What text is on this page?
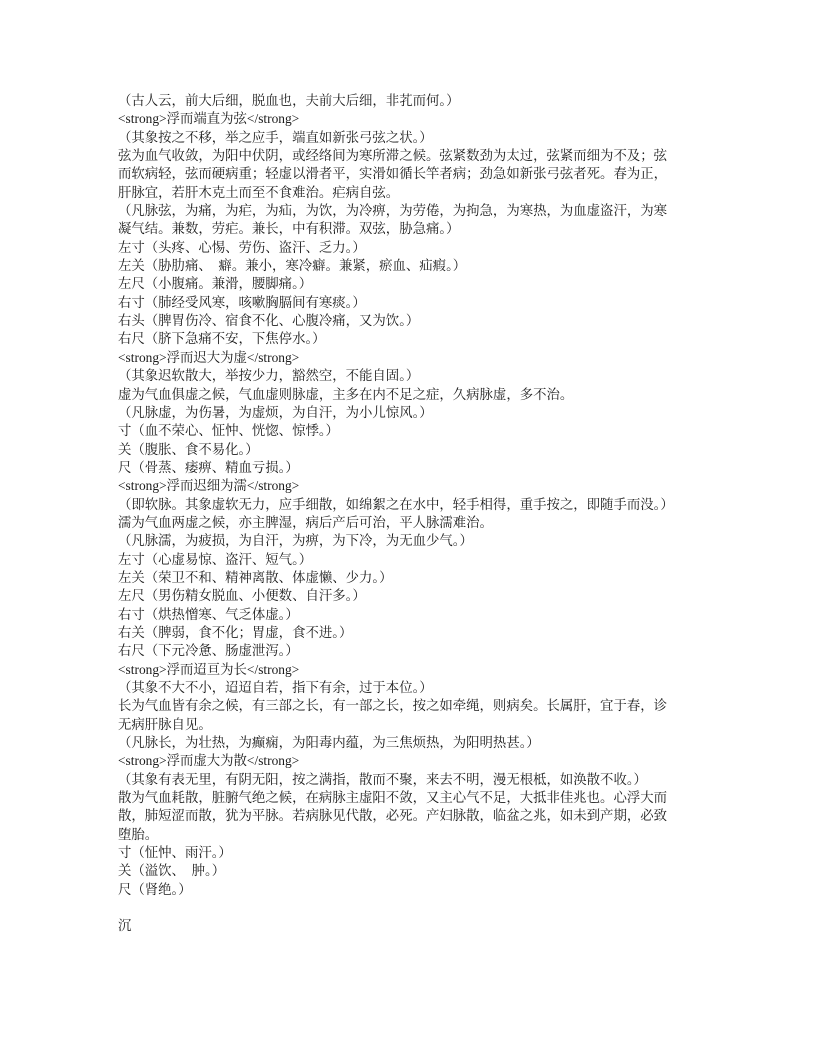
（古人云，前大后细，脱血也，夫前大后细，非芤而何。）
<strong>浮而端直为弦</strong>
（其象按之不移，举之应手，端直如新张弓弦之状。）
弦为血气收敛，为阳中伏阴，或经络间为寒所滞之候。弦紧数劲为太过，弦紧而细为不及；弦
而软病轻，弦而硬病重；轻虚以滑者平，实滑如循长竿者病；劲急如新张弓弦者死。春为正，
肝脉宜，若肝木克土而至不食难治。疟病自弦。
（凡脉弦，为痛，为疟，为疝，为饮，为冷痹，为劳倦，为拘急，为寒热，为血虚盗汗，为寒
凝气结。兼数，劳疟。兼长，中有积滞。双弦，胁急痛。）
左寸（头疼、心惕、劳伤、盗汗、乏力。）
左关（胁肋痛、　癖。兼小，寒冷癖。兼紧，瘀血、疝瘕。）
左尺（小腹痛。兼滑，腰脚痛。）
右寸（肺经受风寒，咳嗽胸膈间有寒痰。）
右头（脾胃伤冷、宿食不化、心腹冷痛，又为饮。）
右尺（脐下急痛不安，下焦停水。）
<strong>浮而迟大为虚</strong>
（其象迟软散大，举按少力，豁然空，不能自固。）
虚为气血俱虚之候，气血虚则脉虚，主多在内不足之症，久病脉虚，多不治。
（凡脉虚，为伤暑，为虚烦，为自汗，为小儿惊风。）
寸（血不荣心、怔忡、恍惚、惊悸。）
关（腹胀、食不易化。）
尺（骨蒸、痿痹、精血亏损。）
<strong>浮而迟细为濡</strong>
（即软脉。其象虚软无力，应手细散，如绵絮之在水中，轻手相得，重手按之，即随手而没。）
濡为气血两虚之候，亦主脾湿，病后产后可治，平人脉濡难治。
（凡脉濡，为疲损，为自汗，为痹，为下冷，为无血少气。）
左寸（心虚易惊、盗汗、短气。）
左关（荣卫不和、精神离散、体虚懒、少力。）
左尺（男伤精女脱血、小便数、自汗多。）
右寸（烘热憎寒、气乏体虚。）
右关（脾弱，食不化；胃虚，食不进。）
右尺（下元冷惫、肠虚泄泻。）
<strong>浮而迢亘为长</strong>
（其象不大不小，迢迢自若，指下有余，过于本位。）
长为气血皆有余之候，有三部之长，有一部之长，按之如牵绳，则病矣。长属肝，宜于春，诊
无病肝脉自见。
（凡脉长，为壮热，为癫痫，为阳毒内蕴，为三焦烦热，为阳明热甚。）
<strong>浮而虚大为散</strong>
（其象有表无里，有阴无阳，按之满指，散而不聚，来去不明，漫无根柢，如涣散不收。）
散为气血耗散，脏腑气绝之候，在病脉主虚阳不敛，又主心气不足，大抵非佳兆也。心浮大而
散，肺短涩而散，犹为平脉。若病脉见代散，必死。产妇脉散，临盆之兆，如未到产期，必致
堕胎。
寸（怔忡、雨汗。）
关（溢饮、　肿。）
尺（肾绝。）
沉
